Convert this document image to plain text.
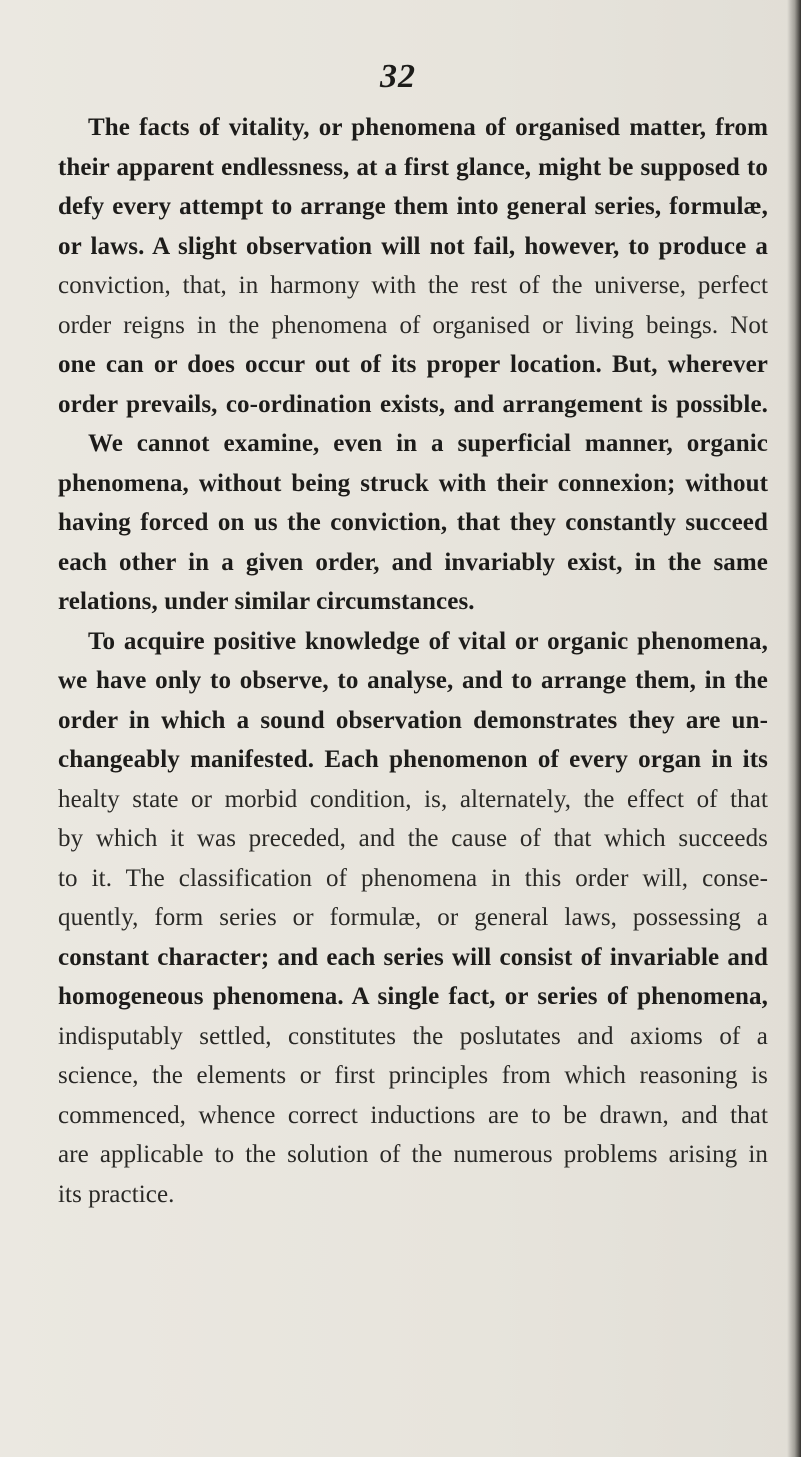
32
The facts of vitality, or phenomena of organised matter, from
their apparent endlessness, at a first glance, might be supposed to
defy every attempt to arrange them into general series, formulæ,
or laws. A slight observation will not fail, however, to produce a
conviction, that, in harmony with the rest of the universe, perfect
order reigns in the phenomena of organised or living beings. Not
one can or does occur out of its proper location. But, wherever
order prevails, co-ordination exists, and arrangement is possible.
We cannot examine, even in a superficial manner, organic
phenomena, without being struck with their connexion; without
having forced on us the conviction, that they constantly succeed
each other in a given order, and invariably exist, in the same
relations, under similar circumstances.
To acquire positive knowledge of vital or organic phenomena,
we have only to observe, to analyse, and to arrange them, in the
order in which a sound observation demonstrates they are un-
changeably manifested. Each phenomenon of every organ in its
healty state or morbid condition, is, alternately, the effect of that
by which it was preceded, and the cause of that which succeeds
to it. The classification of phenomena in this order will, conse-
quently, form series or formulæ, or general laws, possessing a
constant character; and each series will consist of invariable and
homogeneous phenomena. A single fact, or series of phenomena,
indisputably settled, constitutes the poslutates and axioms of a
science, the elements or first principles from which reasoning is
commenced, whence correct inductions are to be drawn, and that
are applicable to the solution of the numerous problems arising in
its practice.
